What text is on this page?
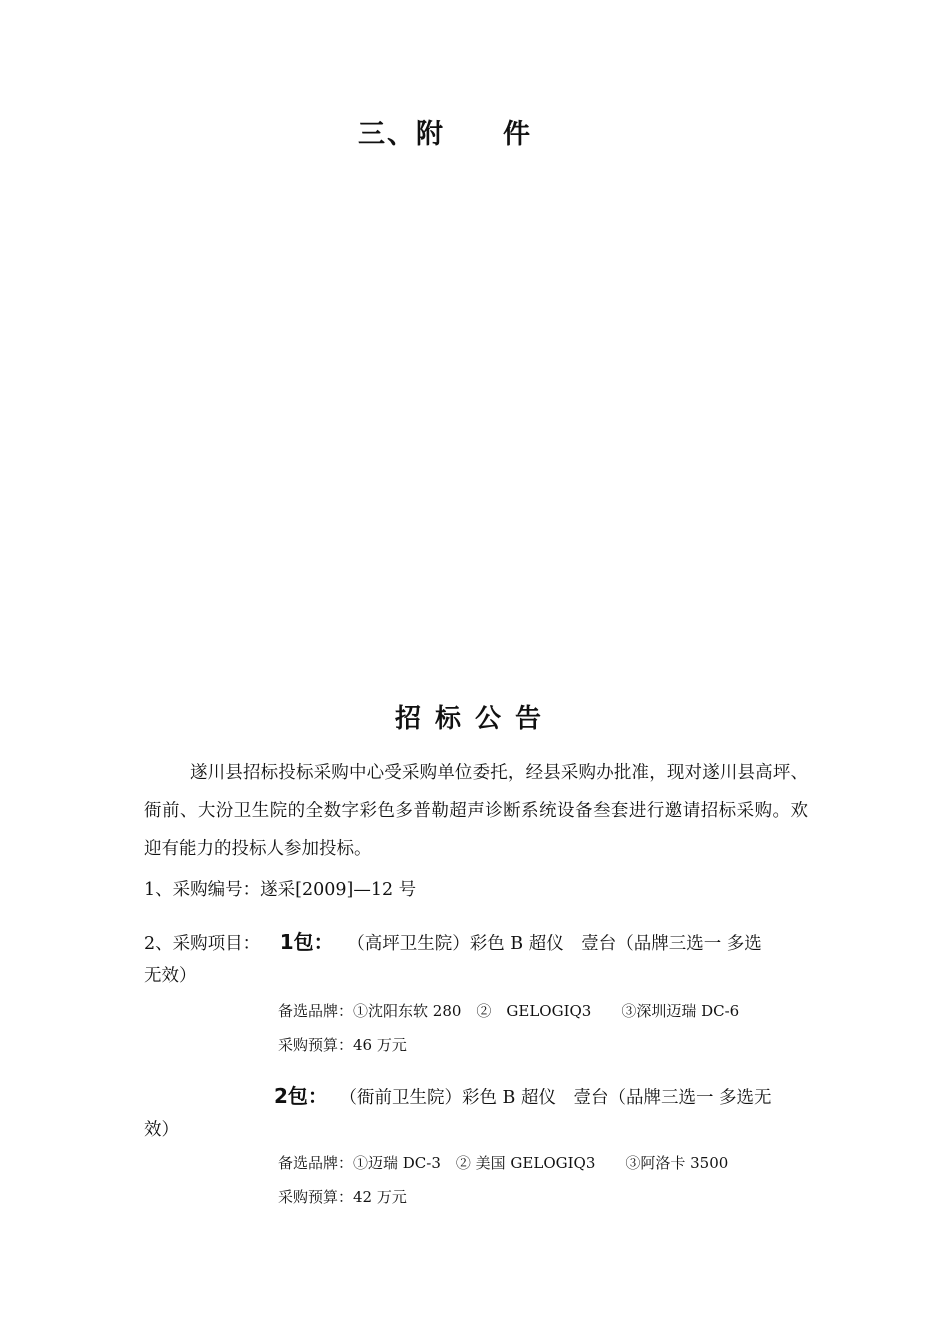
三、附　　件
招标公告
遂川县招标投标采购中心受采购单位委托，经县采购办批准，现对遂川县高坪、衙前、大汾卫生院的全数字彩色多普勒超声诊断系统设备叁套进行邀请招标采购。欢迎有能力的投标人参加投标。
1、采购编号：遂采[2009]—12 号
2、采购项目： 1包： （高坪卫生院）彩色 B 超仪　壹台（品牌三选一 多选
无效）
备选品牌：①沈阳东软 280　②　GELOGIQ3　　③深圳迈瑞 DC-6
采购预算：46 万元
2包： （衙前卫生院）彩色 B 超仪　壹台（品牌三选一 多选无
效）
备选品牌：①迈瑞 DC-3　② 美国 GELOGIQ3　　③阿洛卡 3500
采购预算：42 万元
